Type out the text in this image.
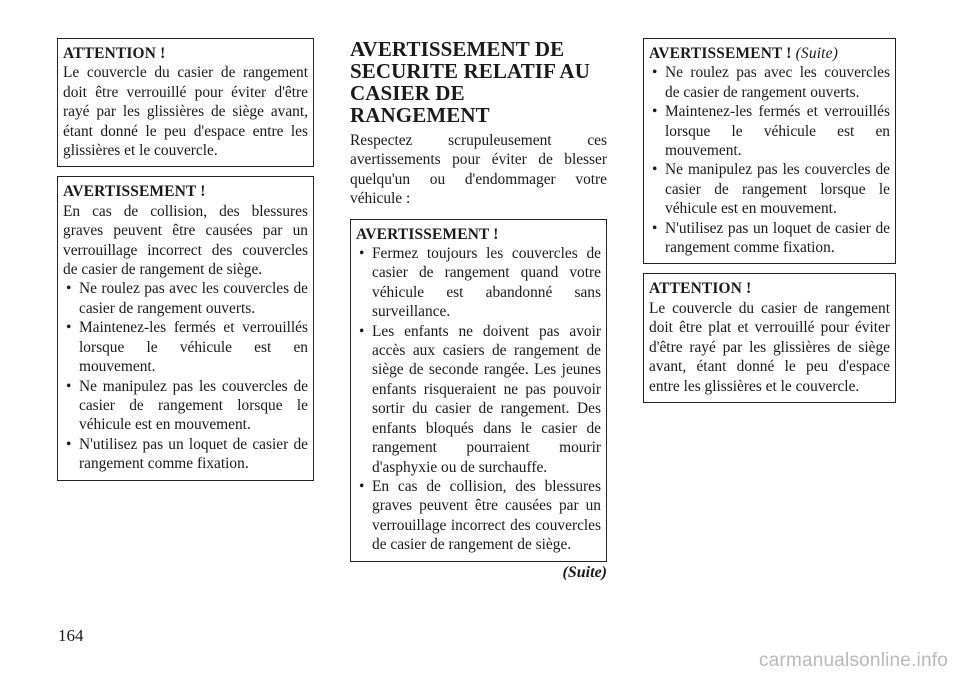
ATTENTION !
Le couvercle du casier de rangement doit être verrouillé pour éviter d'être rayé par les glissières de siège avant, étant donné le peu d'espace entre les glissières et le couvercle.
AVERTISSEMENT !
En cas de collision, des blessures graves peuvent être causées par un verrouillage incorrect des couvercles de casier de rangement de siège.
• Ne roulez pas avec les couvercles de casier de rangement ouverts.
• Maintenez-les fermés et verrouillés lorsque le véhicule est en mouvement.
• Ne manipulez pas les couvercles de casier de rangement lorsque le véhicule est en mouvement.
• N'utilisez pas un loquet de casier de rangement comme fixation.
AVERTISSEMENT DE SECURITE RELATIF AU CASIER DE RANGEMENT
Respectez scrupuleusement ces avertissements pour éviter de blesser quelqu'un ou d'endommager votre véhicule :
AVERTISSEMENT !
• Fermez toujours les couvercles de casier de rangement quand votre véhicule est abandonné sans surveillance.
• Les enfants ne doivent pas avoir accès aux casiers de rangement de siège de seconde rangée. Les jeunes enfants risqueraient ne pas pouvoir sortir du casier de rangement. Des enfants bloqués dans le casier de rangement pourraient mourir d'asphyxie ou de surchauffe.
• En cas de collision, des blessures graves peuvent être causées par un verrouillage incorrect des couvercles de casier de rangement de siège.
(Suite)
AVERTISSEMENT ! (Suite)
• Ne roulez pas avec les couvercles de casier de rangement ouverts.
• Maintenez-les fermés et verrouillés lorsque le véhicule est en mouvement.
• Ne manipulez pas les couvercles de casier de rangement lorsque le véhicule est en mouvement.
• N'utilisez pas un loquet de casier de rangement comme fixation.
ATTENTION !
Le couvercle du casier de rangement doit être plat et verrouillé pour éviter d'être rayé par les glissières de siège avant, étant donné le peu d'espace entre les glissières et le couvercle.
164
carmanualsonline.info
